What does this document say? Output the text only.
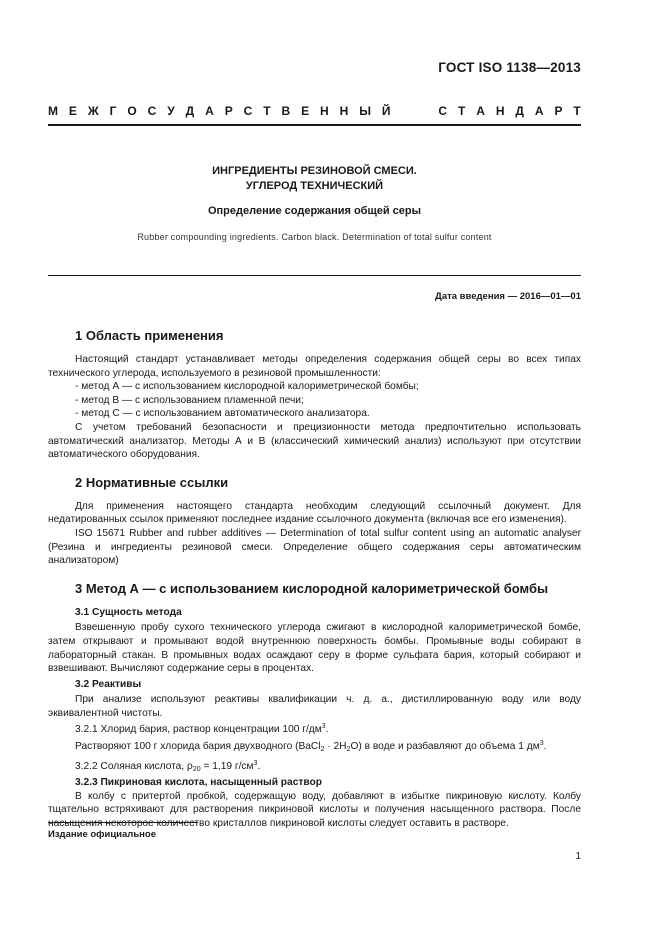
ГОСТ ISO 1138—2013
М Е Ж Г О С У Д А Р С Т В Е Н Н Ы Й	С Т А Н Д А Р Т
ИНГРЕДИЕНТЫ РЕЗИНОВОЙ СМЕСИ.
УГЛЕРОД ТЕХНИЧЕСКИЙ
Определение содержания общей серы
Rubber compounding ingredients. Carbon black. Determination of total sulfur content
Дата введения — 2016—01—01
1 Область применения

Настоящий стандарт устанавливает методы определения содержания общей серы во всех типах технического углерода, используемого в резиновой промышленности:

- метод А — с использованием кислородной калориметрической бомбы;
- метод В — с использованием пламенной печи;
- метод С — с использованием автоматического анализатора.

С учетом требований безопасности и прецизионности метода предпочтительно использовать автоматический анализатор. Методы А и В (классический химический анализ) используют при отсутствии автоматического оборудования.

2 Нормативные ссылки

Для применения настоящего стандарта необходим следующий ссылочный документ. Для недатированных ссылок применяют последнее издание ссылочного документа (включая все его изменения).

ISO 15671 Rubber and rubber additives — Determination of total sulfur content using an automatic analyser (Резина и ингредиенты резиновой смеси. Определение общего содержания серы автоматическим анализатором)

3 Метод А — с использованием кислородной калориметрической бомбы
3.1 Сущность метода

Взвешенную пробу сухого технического углерода сжигают в кислородной калориметрической бомбе, затем открывают и промывают водой внутреннюю поверхность бомбы. Промывные воды собирают в лабораторный стакан. В промывных водах осаждают серу в форме сульфата бария, который собирают и взвешивают. Вычисляют содержание серы в процентах.

3.2 Реактивы

При анализе используют реактивы квалификации ч. д. а., дистиллированную воду или воду эквивалентной чистоты.

3.2.1 Хлорид бария, раствор концентрации 100 $г/дм^3$.

Растворяют 100 г хлорида бария двухводного (BaCl$_2$ · $2H_2O$) в воде и разбавляют до объема 1 $дм^3$.

3.2.2 Соляная кислота, $\rho_{20} = 1,19$ $г/см^3$.

3.2.3 Пикриновая кислота, насыщенный раствор

В колбу с притертой пробкой, содержащую воду, добавляют в избытке пикриновую кислоту. Колбу тщательно встряхивают для растворения пикриновой кислоты и получения насыщенного раствора. После насыщения некоторое количество кристаллов пикриновой кислоты следует оставить в растворе.

Издание официальное
1
